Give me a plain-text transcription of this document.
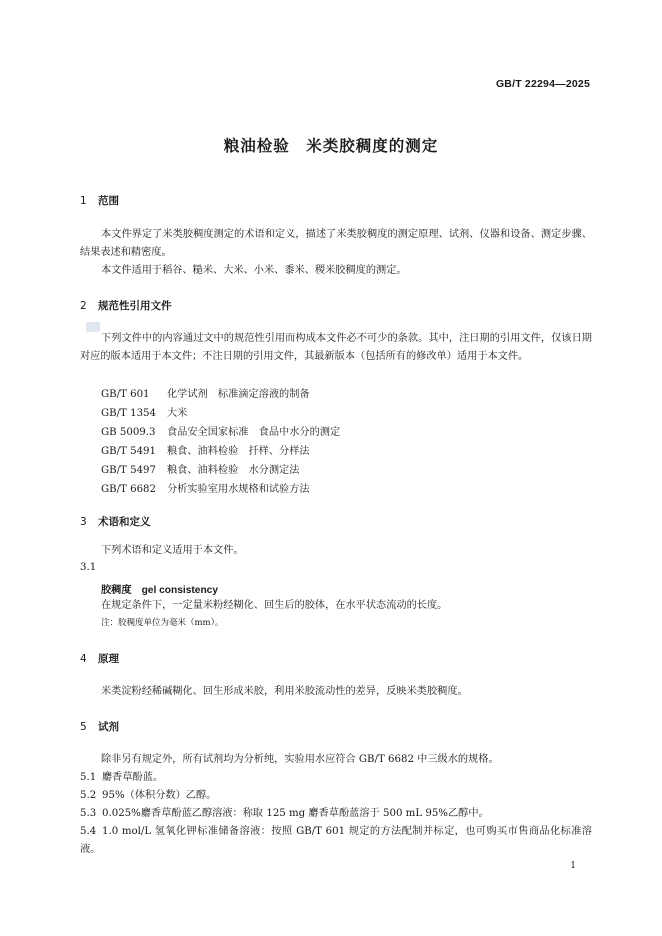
GB/T 22294—2025
粮油检验　米类胶稠度的测定
1 范围
本文件界定了米类胶稠度测定的术语和定义，描述了米类胶稠度的测定原理、试剂、仪器和设备、测定步骤、结果表述和精密度。
本文件适用于稻谷、糙米、大米、小米、黍米、稷米胶稠度的测定。
2 规范性引用文件
下列文件中的内容通过文中的规范性引用而构成本文件必不可少的条款。其中，注日期的引用文件，仅该日期对应的版本适用于本文件；不注日期的引用文件，其最新版本（包括所有的修改单）适用于本文件。
GB/T 601 化学试剂　标准滴定溶液的制备
GB/T 1354 大米
GB 5009.3 食品安全国家标准　食品中水分的测定
GB/T 5491 粮食、油料检验　扦样、分样法
GB/T 5497 粮食、油料检验　水分测定法
GB/T 6682 分析实验室用水规格和试验方法
3 术语和定义
下列术语和定义适用于本文件。
3.1
胶稠度 gel consistency
在规定条件下，一定量米粉经糊化、回生后的胶体，在水平状态流动的长度。
注：胶稠度单位为毫米（mm）。
4 原理
米类淀粉经稀碱糊化、回生形成米胶，利用米胶流动性的差异，反映米类胶稠度。
5 试剂
除非另有规定外，所有试剂均为分析纯，实验用水应符合 GB/T 6682 中三级水的规格。
5.1 麝香草酚蓝。
5.2 95%（体积分数）乙醇。
5.3 0.025%麝香草酚蓝乙醇溶液：称取 125 mg 麝香草酚蓝溶于 500 mL 95%乙醇中。
5.4 1.0 mol/L 氢氧化钾标准储备溶液：按照 GB/T 601 规定的方法配制并标定，也可购买市售商品化标准溶液。
1
